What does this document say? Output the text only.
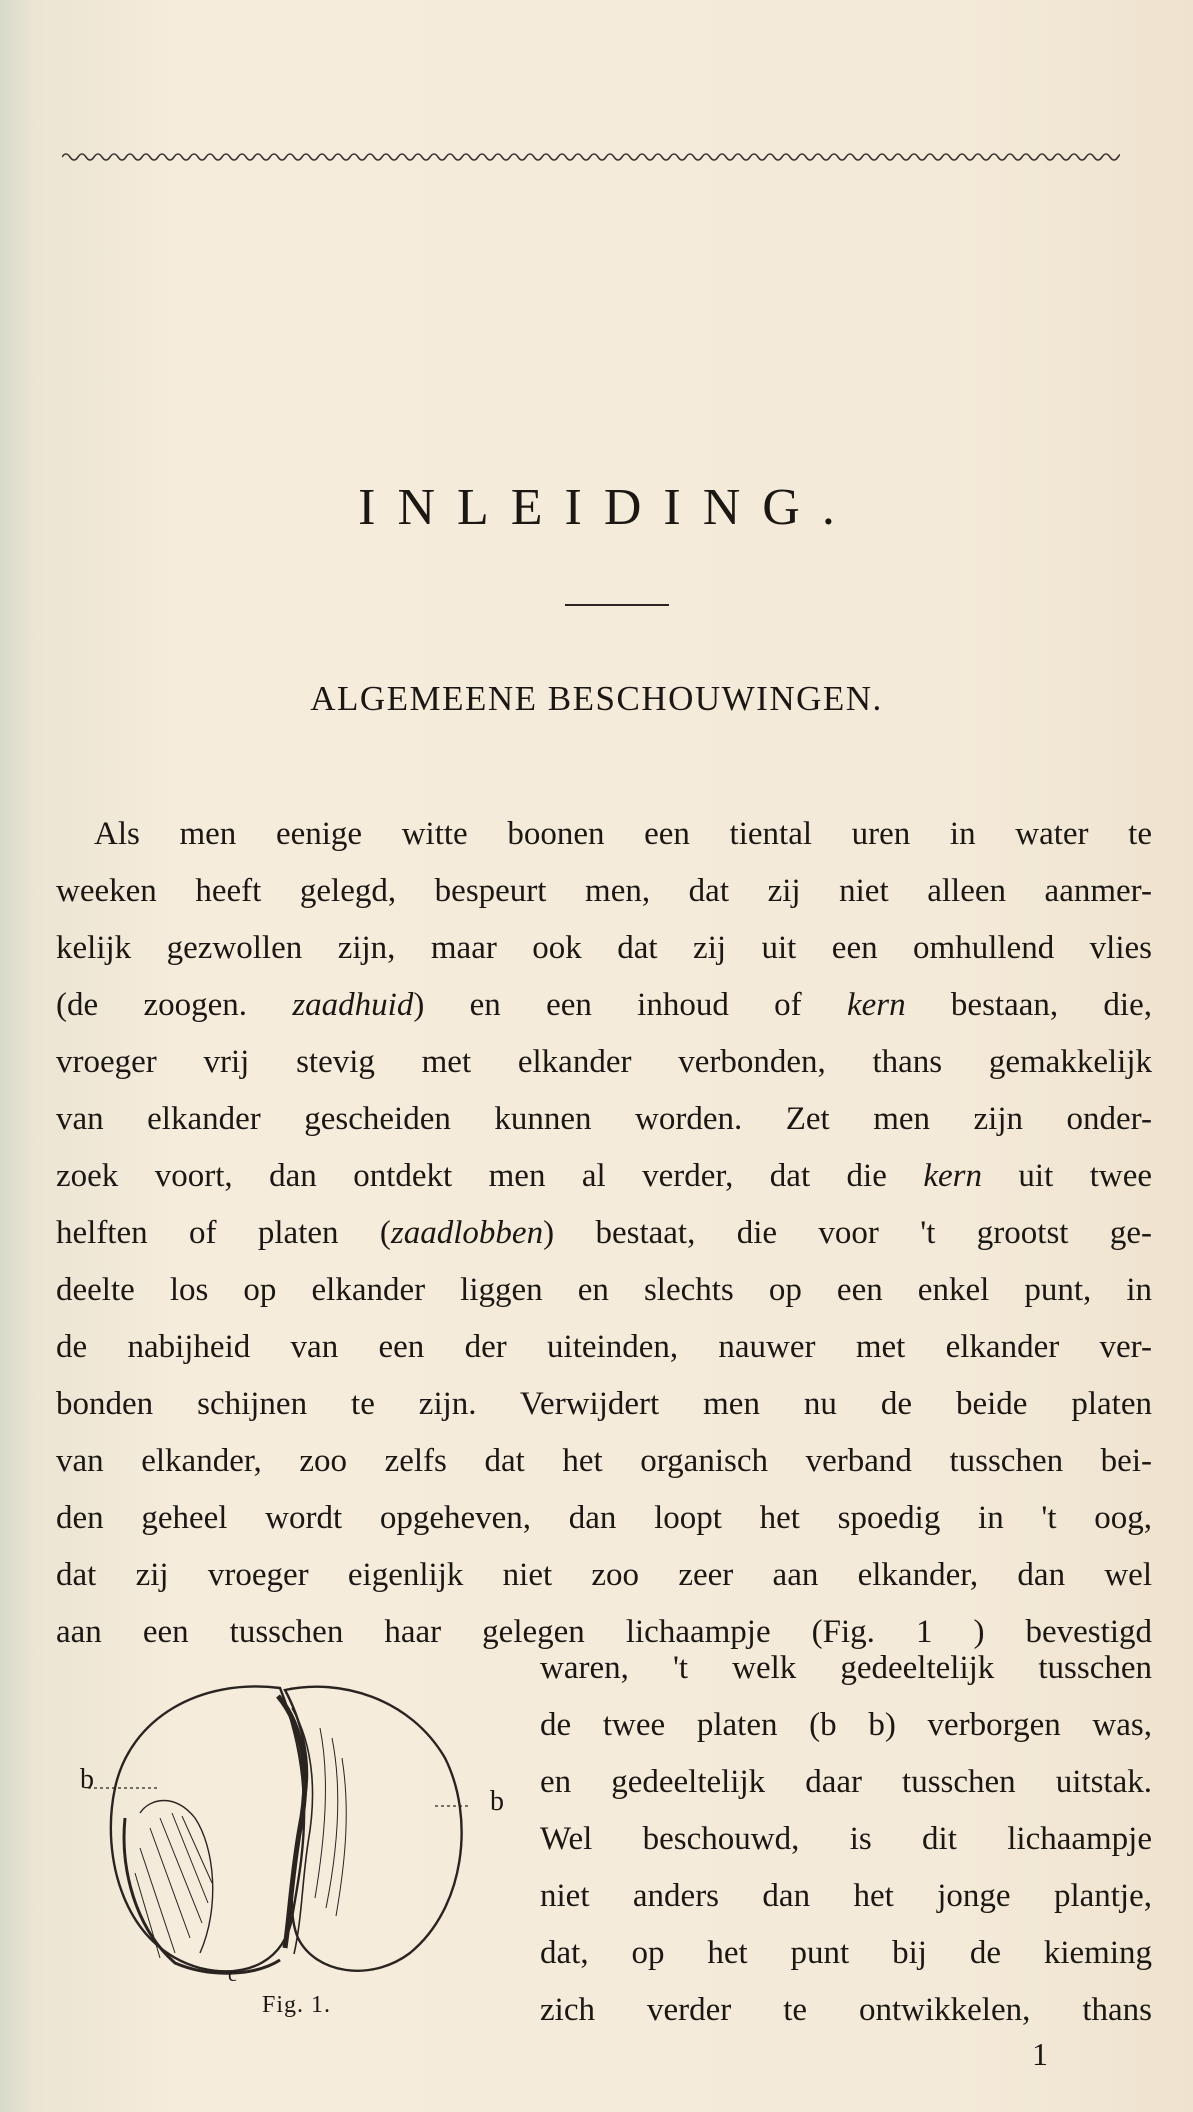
INLEIDING.
ALGEMEENE BESCHOUWINGEN.
Als men eenige witte boonen een tiental uren in water te
weeken heeft gelegd, bespeurt men, dat zij niet alleen aanmer-
kelijk gezwollen zijn, maar ook dat zij uit een omhullend vlies
(de zoogen. zaadhuid) en een inhoud of kern bestaan, die,
vroeger vrij stevig met elkander verbonden, thans gemakkelijk
van elkander gescheiden kunnen worden. Zet men zijn onder-
zoek voort, dan ontdekt men al verder, dat die kern uit twee
helften of platen (zaadlobben) bestaat, die voor 't grootst ge-
deelte los op elkander liggen en slechts op een enkel punt, in
de nabijheid van een der uiteinden, nauwer met elkander ver-
bonden schijnen te zijn. Verwijdert men nu de beide platen
van elkander, zoo zelfs dat het organisch verband tusschen bei-
den geheel wordt opgeheven, dan loopt het spoedig in 't oog,
dat zij vroeger eigenlijk niet zoo zeer aan elkander, dan wel
aan een tusschen haar gelegen lichaampje (Fig. 1 ) bevestigd
waren, 't welk gedeeltelijk tusschen
de twee platen (b b) verborgen was,
en gedeeltelijk daar tusschen uitstak.
Wel beschouwd, is dit lichaampje
niet anders dan het jonge plantje,
dat, op het punt bij de kieming
zich verder te ontwikkelen, thans
b
b
c
Fig. 1.
1
